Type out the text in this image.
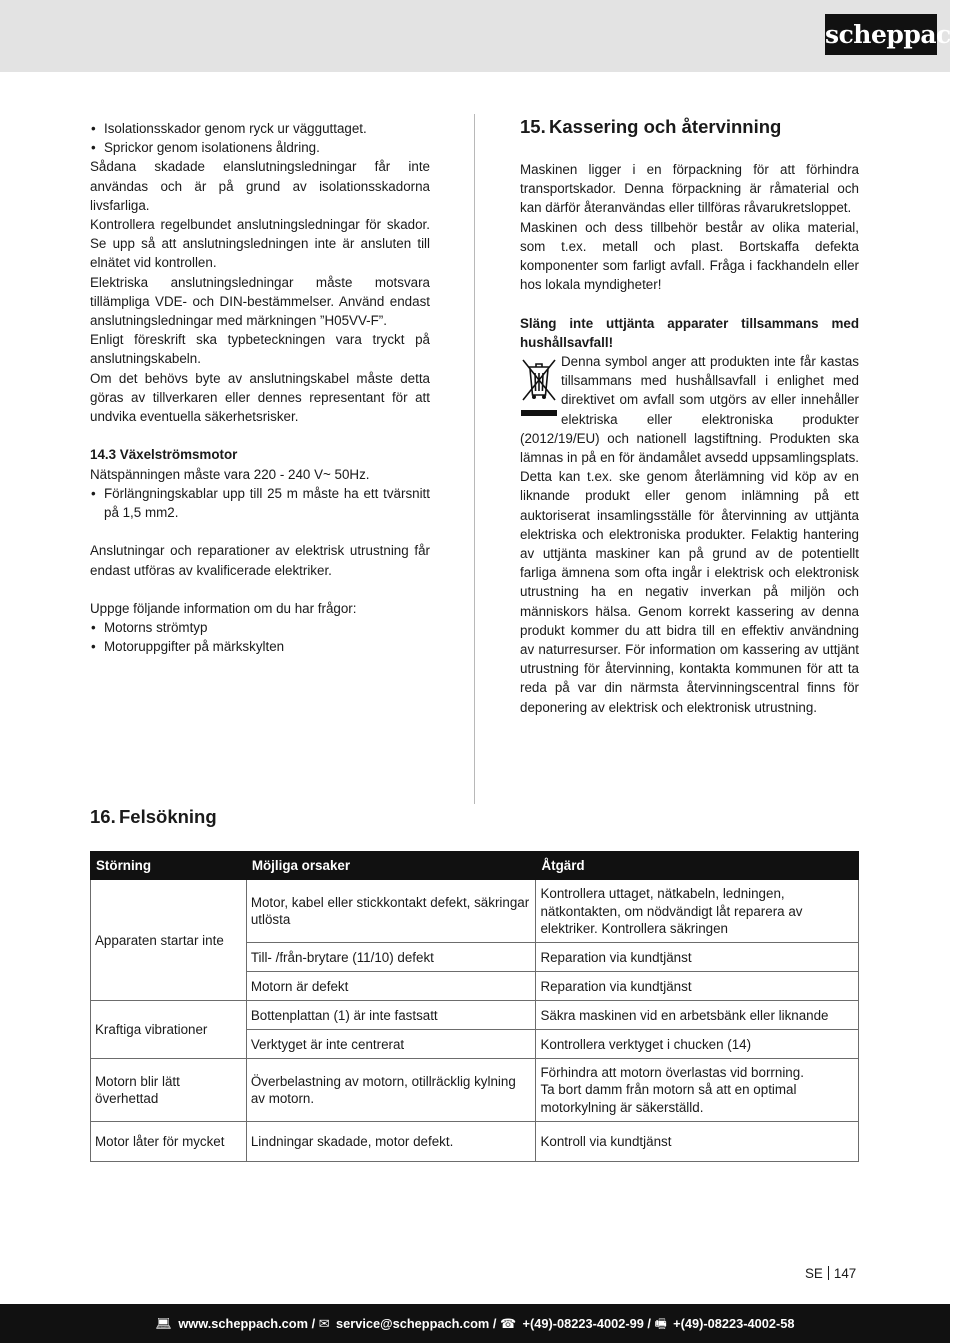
scheppach
• Isolationsskador genom ryck ur vägguttaget.
• Sprickor genom isolationens åldring.

Sådana skadade elanslutningsledningar får inte användas och är på grund av isolationsskadorna livsfarliga.

Kontrollera regelbundet anslutningsledningar för skador. Se upp så att anslutningsledningen inte är ansluten till elnätet vid kontrollen.

Elektriska anslutningsledningar måste motsvara tillämpliga VDE- och DIN-bestämmelser. Använd endast anslutningsledningar med märkningen ”H05VV-F”.

Enligt föreskrift ska typbeteckningen vara tryckt på anslutningskabeln.

Om det behövs byte av anslutningskabel måste detta göras av tillverkaren eller dennes representant för att undvika eventuella säkerhetsrisker.

14.3 Växelströmsmotor

Nätspänningen måste vara 220 - 240 V~ 50Hz.

• Förlängningskablar upp till 25 m måste ha ett tvärsnitt på 1,5 mm2.

Anslutningar och reparationer av elektrisk utrustning får endast utföras av kvalificerade elektriker.

Uppge följande information om du har frågor:

• Motorns strömtyp
• Motoruppgifter på märkskylten
15. Kassering och återvinning

Maskinen ligger i en förpackning för att förhindra transportskador. Denna förpackning är råmaterial och kan därför återanvändas eller tillföras råvarukretsloppet.

Maskinen och dess tillbehör består av olika material, som t.ex. metall och plast. Bortskaffa defekta komponenter som farligt avfall. Fråga i fackhandeln eller hos lokala myndigheter!

Släng inte uttjänta apparater tillsammans med hushållsavfall!

Denna symbol anger att produkten inte får kastas tillsammans med hushållsavfall i enlighet med direktivet om avfall som utgörs av eller innehåller elektriska eller elektroniska produkter (2012/19/EU) och nationell lagstiftning. Produkten ska lämnas in på en för ändamålet avsedd uppsamlingsplats. Detta kan t.ex. ske genom återlämning vid köp av en liknande produkt eller genom inlämning på ett auktoriserat insamlingsställe för återvinning av uttjänta elektriska och elektroniska produkter. Felaktig hantering av uttjänta maskiner kan på grund av de potentiellt farliga ämnena som ofta ingår i elektrisk och elektronisk utrustning ha en negativ inverkan på miljön och människors hälsa. Genom korrekt kassering av denna produkt kommer du att bidra till en effektiv användning av naturresurser. För information om kassering av uttjänt utrustning för återvinning, kontakta kommunen för att ta reda på var din närmsta återvinningscentral finns för deponering av elektrisk och elektronisk utrustning.

16. Felsökning
Störning	Möjliga orsaker	Åtgärd
Apparaten startar inte	Motor, kabel eller stickkontakt defekt, säkringar utlösta	Kontrollera uttaget, nätkabeln, ledningen, nätkontakten, om nödvändigt låt reparera av elektriker. Kontrollera säkringen
	Till- /från-brytare (11/10) defekt	Reparation via kundtjänst
	Motorn är defekt	Reparation via kundtjänst
Kraftiga vibrationer	Bottenplattan (1) är inte fastsatt	Säkra maskinen vid en arbetsbänk eller liknande
	Verktyget är inte centrerat	Kontrollera verktyget i chucken (14)
Motorn blir lätt överhettad	Överbelastning av motorn, otillräcklig kylning av motorn.	Förhindra att motorn överlastas vid borrning.
Ta bort damm från motorn så att en optimal motorkylning är säkerställd.

Motor låter för mycket	Lindningar skadade, motor defekt.	Kontroll via kundtjänst
SE 147
💻︎ www.scheppach.com / ✉︎ service@scheppach.com / ☎︎ +(49)-08223-4002-99 / 🖷︎ +(49)-08223-4002-58
